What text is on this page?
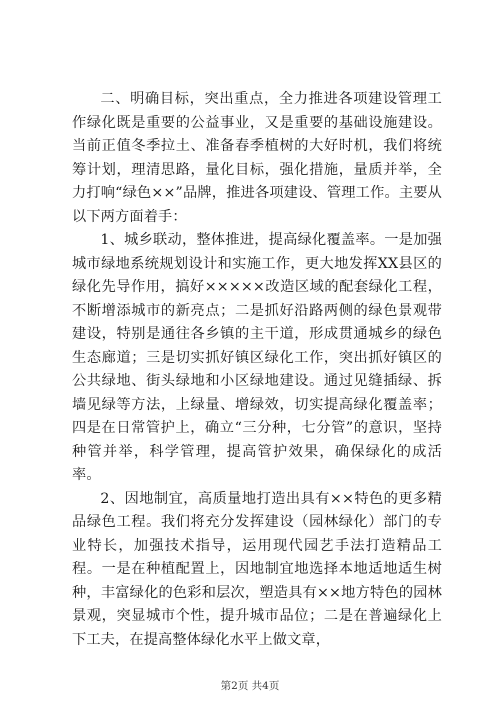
二、明确目标，突出重点，全力推进各项建设管理工作绿化既是重要的公益事业，又是重要的基础设施建设。当前正值冬季拉土、准备春季植树的大好时机，我们将统筹计划，理清思路，量化目标，强化措施，量质并举，全力打响“绿色××”品牌，推进各项建设、管理工作。主要从以下两方面着手：

1、城乡联动，整体推进，提高绿化覆盖率。一是加强城市绿地系统规划设计和实施工作，更大地发挥XX县区的绿化先导作用，搞好×××××改造区域的配套绿化工程，不断增添城市的新亮点；二是抓好沿路两侧的绿色景观带建设，特别是通往各乡镇的主干道，形成贯通城乡的绿色生态廊道；三是切实抓好镇区绿化工作，突出抓好镇区的公共绿地、街头绿地和小区绿地建设。通过见缝插绿、拆墙见绿等方法，上绿量、增绿效，切实提高绿化覆盖率；四是在日常管护上，确立“三分种，七分管”的意识，坚持种管并举，科学管理，提高管护效果，确保绿化的成活率。

2、因地制宜，高质量地打造出具有××特色的更多精品绿色工程。我们将充分发挥建设（园林绿化）部门的专业特长，加强技术指导，运用现代园艺手法打造精品工程。一是在种植配置上，因地制宜地选择本地适地适生树种，丰富绿化的色彩和层次，塑造具有××地方特色的园林景观，突显城市个性，提升城市品位；二是在普遍绿化上下工夫，在提高整体绿化水平上做文章，

第2页 共4页
